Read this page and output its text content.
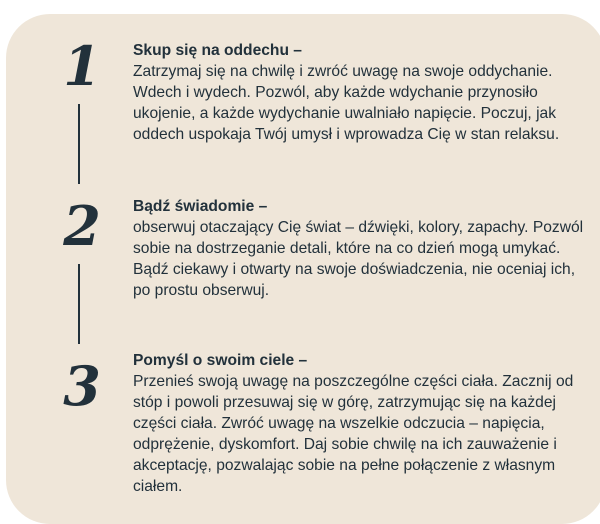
1	Skup się na oddechu –
Zatrzymaj się na chwilę i zwróć uwagę na swoje oddychanie. Wdech i wydech. Pozwól, aby każde wdychanie przynosiło ukojenie, a każde wydychanie uwalniało napięcie. Poczuj, jak oddech uspokaja Twój umysł i wprowadza Cię w stan relaksu.
2	Bądź świadomie –
obserwuj otaczający Cię świat – dźwięki, kolory, zapachy. Pozwól sobie na dostrzeganie detali, które na co dzień mogą umykać. Bądź ciekawy i otwarty na swoje doświadczenia, nie oceniaj ich, po prostu obserwuj.
3	Pomyśl o swoim ciele –
Przenieś swoją uwagę na poszczególne części ciała. Zacznij od stóp i powoli przesuwaj się w górę, zatrzymując się na każdej części ciała. Zwróć uwagę na wszelkie odczucia – napięcia, odprężenie, dyskomfort. Daj sobie chwilę na ich zauważenie i akceptację, pozwalając sobie na pełne połączenie z własnym ciałem.
